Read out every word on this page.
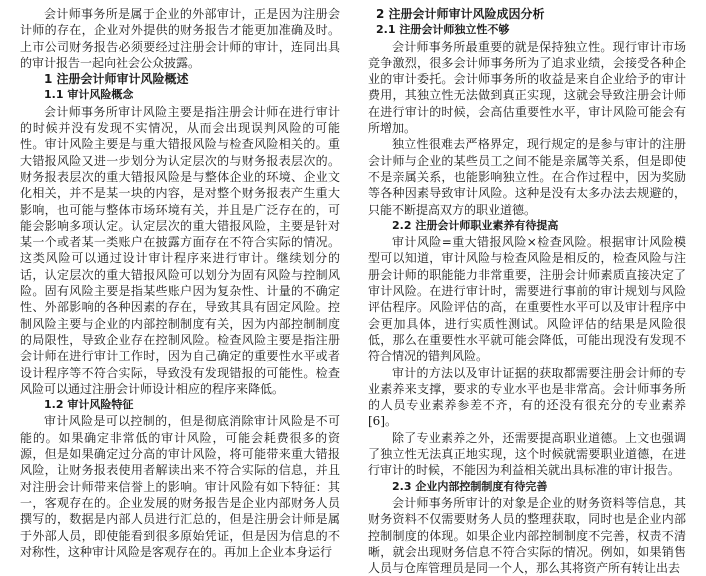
会计师事务所是属于企业的外部审计，正是因为注册会计师的存在，企业对外提供的财务报告才能更加准确及时。上市公司财务报告必须要经过注册会计师的审计，连同出具的审计报告一起向社会公众披露。

1 注册会计师审计风险概述
1.1 审计风险概念

会计师事务所审计风险主要是指注册会计师在进行审计的时候并没有发现不实情况，从而会出现误判风险的可能性。审计风险主要是与重大错报风险与检查风险相关的。重大错报风险又进一步划分为认定层次的与财务报表层次的。财务报表层次的重大错报风险是与整体企业的环境、企业文化相关，并不是某一块的内容，是对整个财务报表产生重大影响，也可能与整体市场环境有关，并且是广泛存在的，可能会影响多项认定。认定层次的重大错报风险，主要是针对某一个或者某一类账户在披露方面存在不符合实际的情况。这类风险可以通过设计审计程序来进行审计。继续划分的话，认定层次的重大错报风险可以划分为固有风险与控制风险。固有风险主要是指某些账户因为复杂性、计量的不确定性、外部影响的各种因素的存在，导致其具有固定风险。控制风险主要与企业的内部控制制度有关，因为内部控制制度的局限性，导致企业存在控制风险。检查风险主要是指注册会计师在进行审计工作时，因为自己确定的重要性水平或者设计程序等不符合实际，导致没有发现错报的可能性。检查风险可以通过注册会计师设计相应的程序来降低。

1.2 审计风险特征

审计风险是可以控制的，但是彻底消除审计风险是不可能的。如果确定非常低的审计风险，可能会耗费很多的资源，但是如果确定过分高的审计风险，将可能带来重大错报风险，让财务报表使用者解读出来不符合实际的信息，并且对注册会计师带来信誉上的影响。审计风险有如下特征：其一，客观存在的。企业发展的财务报告是企业内部财务人员撰写的，数据是内部人员进行汇总的，但是注册会计师是属于外部人员，即使能看到很多原始凭证，但是因为信息的不对称性，这种审计风险是客观存在的。再加上企业本身运行

2 注册会计师审计风险成因分析
2.1 注册会计师独立性不够

会计师事务所最重要的就是保持独立性。现行审计市场竞争激烈，很多会计师事务所为了追求业绩，会接受各种企业的审计委托。会计师事务所的收益是来自企业给予的审计费用，其独立性无法做到真正实现，这就会导致注册会计师在进行审计的时候，会高估重要性水平，审计风险可能会有所增加。

独立性很难去严格界定，现行规定的是参与审计的注册会计师与企业的某些员工之间不能是亲属等关系，但是即使不是亲属关系，也能影响独立性。在合作过程中，因为奖励等各种因素导致审计风险。这种是没有太多办法去规避的，只能不断提高双方的职业道德。

2.2 注册会计师职业素养有待提高

审计风险=重大错报风险×检查风险。根据审计风险模型可以知道，审计风险与检查风险是相反的，检查风险与注册会计师的职能能力非常重要，注册会计师素质直接决定了审计风险。在进行审计时，需要进行事前的审计规划与风险评估程序。风险评估的高，在重要性水平可以及审计程序中会更加具体，进行实质性测试。风险评估的结果是风险很低，那么在重要性水平就可能会降低，可能出现没有发现不符合情况的错判风险。

审计的方法以及审计证据的获取都需要注册会计师的专业素养来支撑，要求的专业水平也是非常高。会计师事务所的人员专业素养参差不齐，有的还没有很充分的专业素养[6]。

除了专业素养之外，还需要提高职业道德。上文也强调了独立性无法真正地实现，这个时候就需要职业道德，在进行审计的时候，不能因为利益相关就出具标准的审计报告。

2.3 企业内部控制制度有待完善

会计师事务所审计的对象是企业的财务资料等信息，其财务资料不仅需要财务人员的整理获取，同时也是企业内部控制制度的体现。如果企业内部控制制度不完善，权责不清晰，就会出现财务信息不符合实际的情况。例如，如果销售人员与仓库管理员是同一个人，那么其将资产所有转让出去
